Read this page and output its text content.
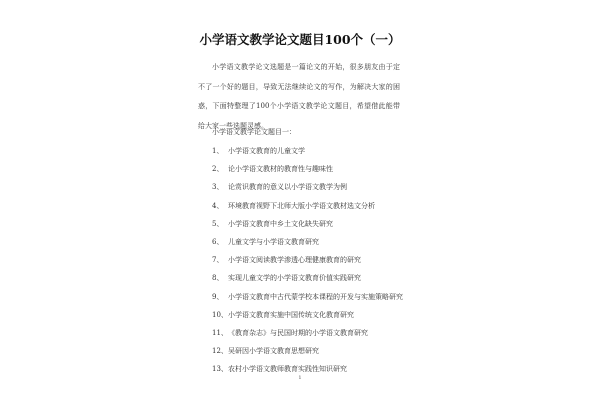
小学语文教学论文题目100个（一）

小学语文教学论文选题是一篇论文的开始，很多朋友由于定不了一个好的题目，导致无法继续论文的写作，为解决大家的困惑，下面特整理了100个小学语文教学论文题目，希望借此能带给大家一些选题灵感。

小学语文教学论文题目一：

1、 小学语文教育的儿童文学
2、 论小学语文教材的教育性与趣味性
3、 论赏识教育的意义以小学语文教学为例
4、 环境教育视野下北师大版小学语文教材选文分析
5、 小学语文教育中乡土文化缺失研究
6、 儿童文学与小学语文教育研究
7、 小学语文阅读教学渗透心理健康教育的研究
8、 实现儿童文学的小学语文教育价值实践研究
9、 小学语文教育中古代蒙学校本课程的开发与实施策略研究
10、小学语文教育实施中国传统文化教育研究
11、《教育杂志》与民国时期的小学语文教育研究
12、吴研因小学语文教育思想研究
13、农村小学语文教师教育实践性知识研究
1
